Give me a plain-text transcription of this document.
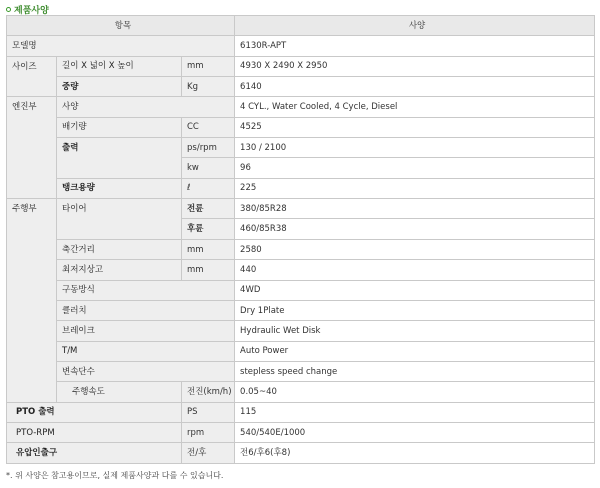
제품사양
항목			사양
모델명			6130R-APT
사이즈	길이 X 넓이 X 높이	mm	4930 X 2490 X 2950
	중량	Kg	6140
엔진부	사양		4 CYL., Water Cooled, 4 Cycle, Diesel
	배기량	CC	4525
	출력	ps/rpm	130 / 2100
		kw	96
	탱크용량	ℓ	225
주행부	타이어	전륜	380/85R28
		후륜	460/85R38
	축간거리	mm	2580
	최저지상고	mm	440
	구동방식		4WD
	클러치		Dry 1Plate
	브레이크		Hydraulic Wet Disk
	T/M		Auto Power
	변속단수		stepless speed change
	주행속도	전진(km/h)	0.05~40
PTO 출력		PS	115
PTO-RPM		rpm	540/540E/1000
유압인출구		전/후	전6/후6(후8)
*. 위 사양은 참고용이므로, 실제 제품사양과 다를 수 있습니다.
